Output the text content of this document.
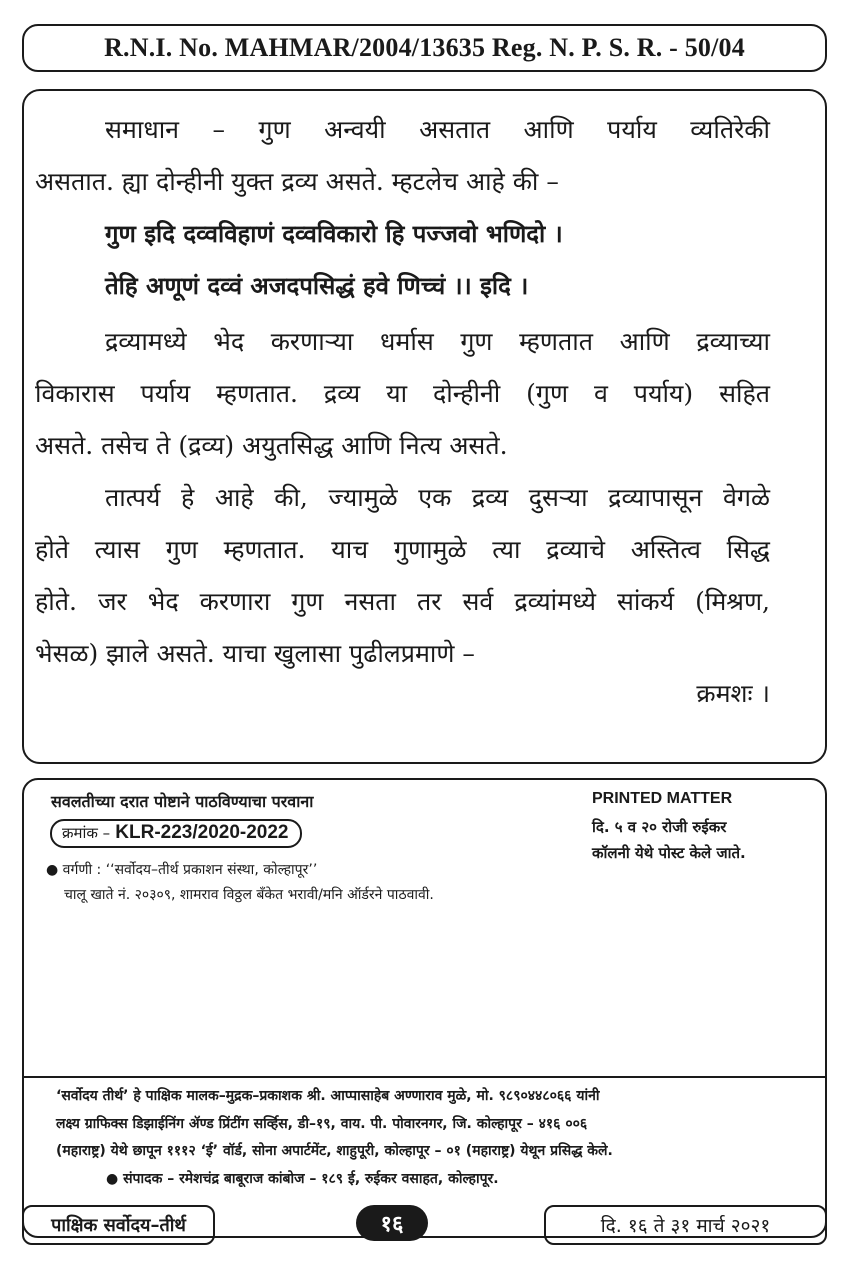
R.N.I. No. MAHMAR/2004/13635 Reg. N. P. S. R. - 50/04
समाधान – गुण अन्वयी असतात आणि पर्याय व्यतिरेकी
असतात. ह्या दोन्हीनी युक्त द्रव्य असते. म्हटलेच आहे की –
गुण इदि दव्वविहाणं दव्वविकारो हि पज्जवो भणिदो ।
तेहि अणूणं दव्वं अजदपसिद्धं हवे णिच्चं ।। इदि ।
द्रव्यामध्ये भेद करणाऱ्या धर्मास गुण म्हणतात आणि द्रव्याच्या
विकारास पर्याय म्हणतात. द्रव्य या दोन्हीनी (गुण व पर्याय) सहित
असते. तसेच ते (द्रव्य) अयुतसिद्ध आणि नित्य असते.
तात्पर्य हे आहे की, ज्यामुळे एक द्रव्य दुसऱ्या द्रव्यापासून वेगळे
होते त्यास गुण म्हणतात. याच गुणामुळे त्या द्रव्याचे अस्तित्व सिद्ध
होते. जर भेद करणारा गुण नसता तर सर्व द्रव्यांमध्ये सांकर्य (मिश्रण,
भेसळ) झाले असते. याचा खुलासा पुढीलप्रमाणे –
क्रमशः ।
सवलतीच्या दरात पोष्टाने पाठविण्याचा परवाना
क्रमांक – KLR-223/2020-2022
● वर्गणी : ‘‘सर्वोदय–तीर्थ प्रकाशन संस्था, कोल्हापूर’’
चालू खाते नं. २०३०९, शामराव विठ्ठल बँकेत भरावी/मनि ऑर्डरने पाठवावी.
PRINTED MATTER
दि. ५ व २० रोजी रुईकर
कॉलनी येथे पोस्ट केले जाते.
‘सर्वोदय तीर्थ’ हे पाक्षिक मालक–मुद्रक–प्रकाशक श्री. आप्पासाहेब अण्णाराव मुळे, मो. ९८९०४४८०६६ यांनी
लक्ष्य ग्राफिक्स डिझाईनिंग ॲण्ड प्रिंटींग सर्व्हिस, डी–१९, वाय. पी. पोवारनगर, जि. कोल्हापूर – ४१६ ००६
(महाराष्ट्र) येथे छापून १११२ ‘ई’ वॉर्ड, सोना अपार्टमेंट, शाहुपूरी, कोल्हापूर – ०१ (महाराष्ट्र) येथून प्रसिद्ध केले.
● संपादक – रमेशचंद्र बाबूराज कांबोज – १८९ ई, रुईकर वसाहत, कोल्हापूर.
पाक्षिक सर्वोदय–तीर्थ	१६	दि. १६ ते ३१ मार्च २०२१
